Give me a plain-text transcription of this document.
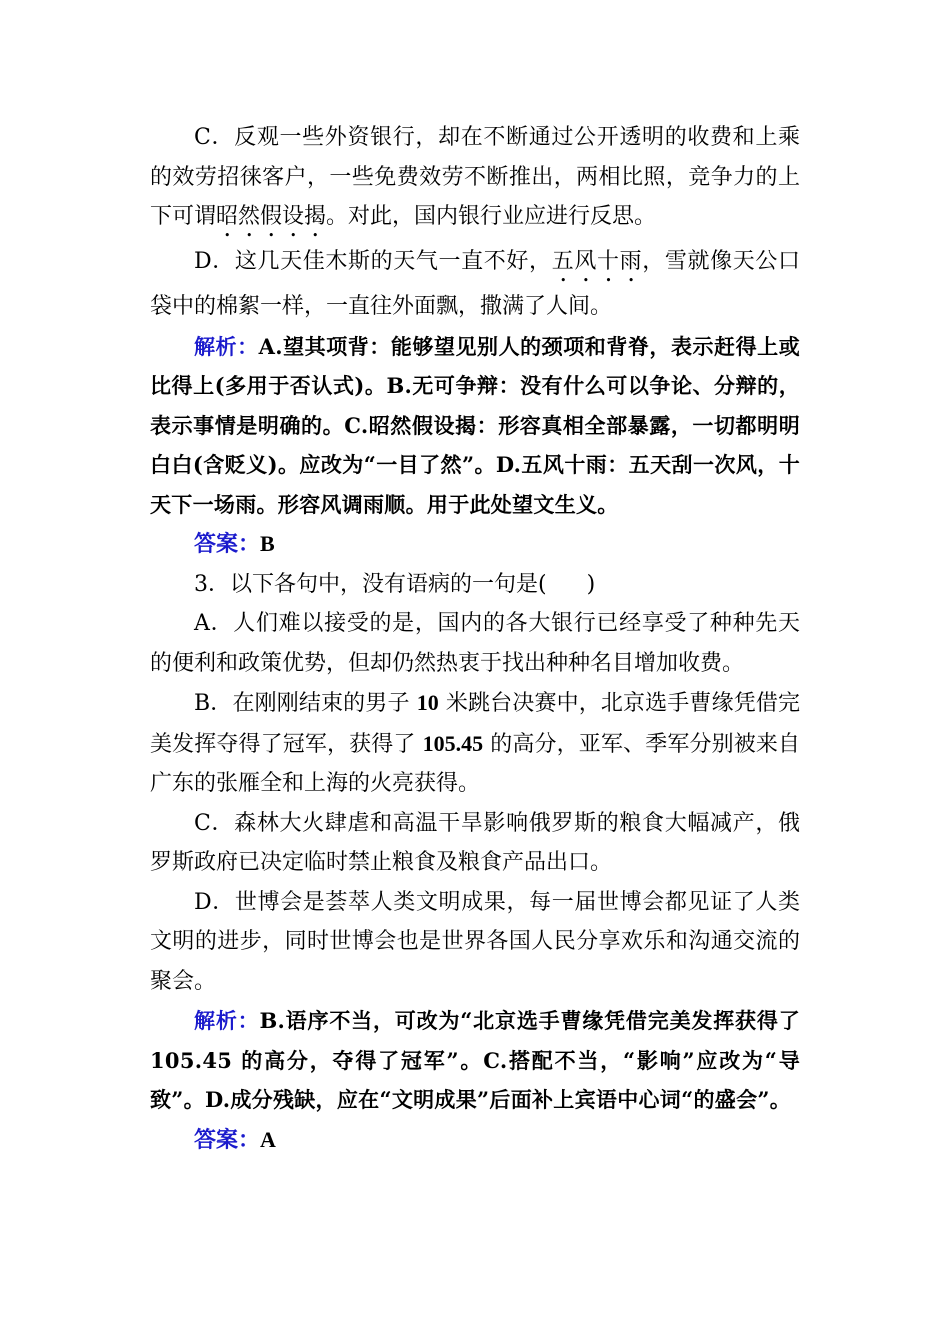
C．反观一些外资银行，却在不断通过公开透明的收费和上乘的效劳招徕客户，一些免费效劳不断推出，两相比照，竞争力的上下可谓昭然假设揭。对此，国内银行业应进行反思。

D．这几天佳木斯的天气一直不好，五风十雨，雪就像天公口袋中的棉絮一样，一直往外面飘，撒满了人间。

解析：A.望其项背：能够望见别人的颈项和背脊，表示赶得上或比得上(多用于否认式)。B.无可争辩：没有什么可以争论、分辩的，表示事情是明确的。C.昭然假设揭：形容真相全部暴露，一切都明明白白(含贬义)。应改为“一目了然”。D.五风十雨：五天刮一次风，十天下一场雨。形容风调雨顺。用于此处望文生义。

答案：B

3．以下各句中，没有语病的一句是( )

A．人们难以接受的是，国内的各大银行已经享受了种种先天的便利和政策优势，但却仍然热衷于找出种种名目增加收费。

B．在刚刚结束的男子 10 米跳台决赛中，北京选手曹缘凭借完美发挥夺得了冠军，获得了 105.45 的高分，亚军、季军分别被来自广东的张雁全和上海的火亮获得。

C．森林大火肆虐和高温干旱影响俄罗斯的粮食大幅减产，俄罗斯政府已决定临时禁止粮食及粮食产品出口。

D．世博会是荟萃人类文明成果，每一届世博会都见证了人类文明的进步，同时世博会也是世界各国人民分享欢乐和沟通交流的聚会。

解析：B.语序不当，可改为“北京选手曹缘凭借完美发挥获得了 105.45 的高分，夺得了冠军”。C.搭配不当，“影响”应改为“导致”。D.成分残缺，应在“文明成果”后面补上宾语中心词“的盛会”。

答案：A
